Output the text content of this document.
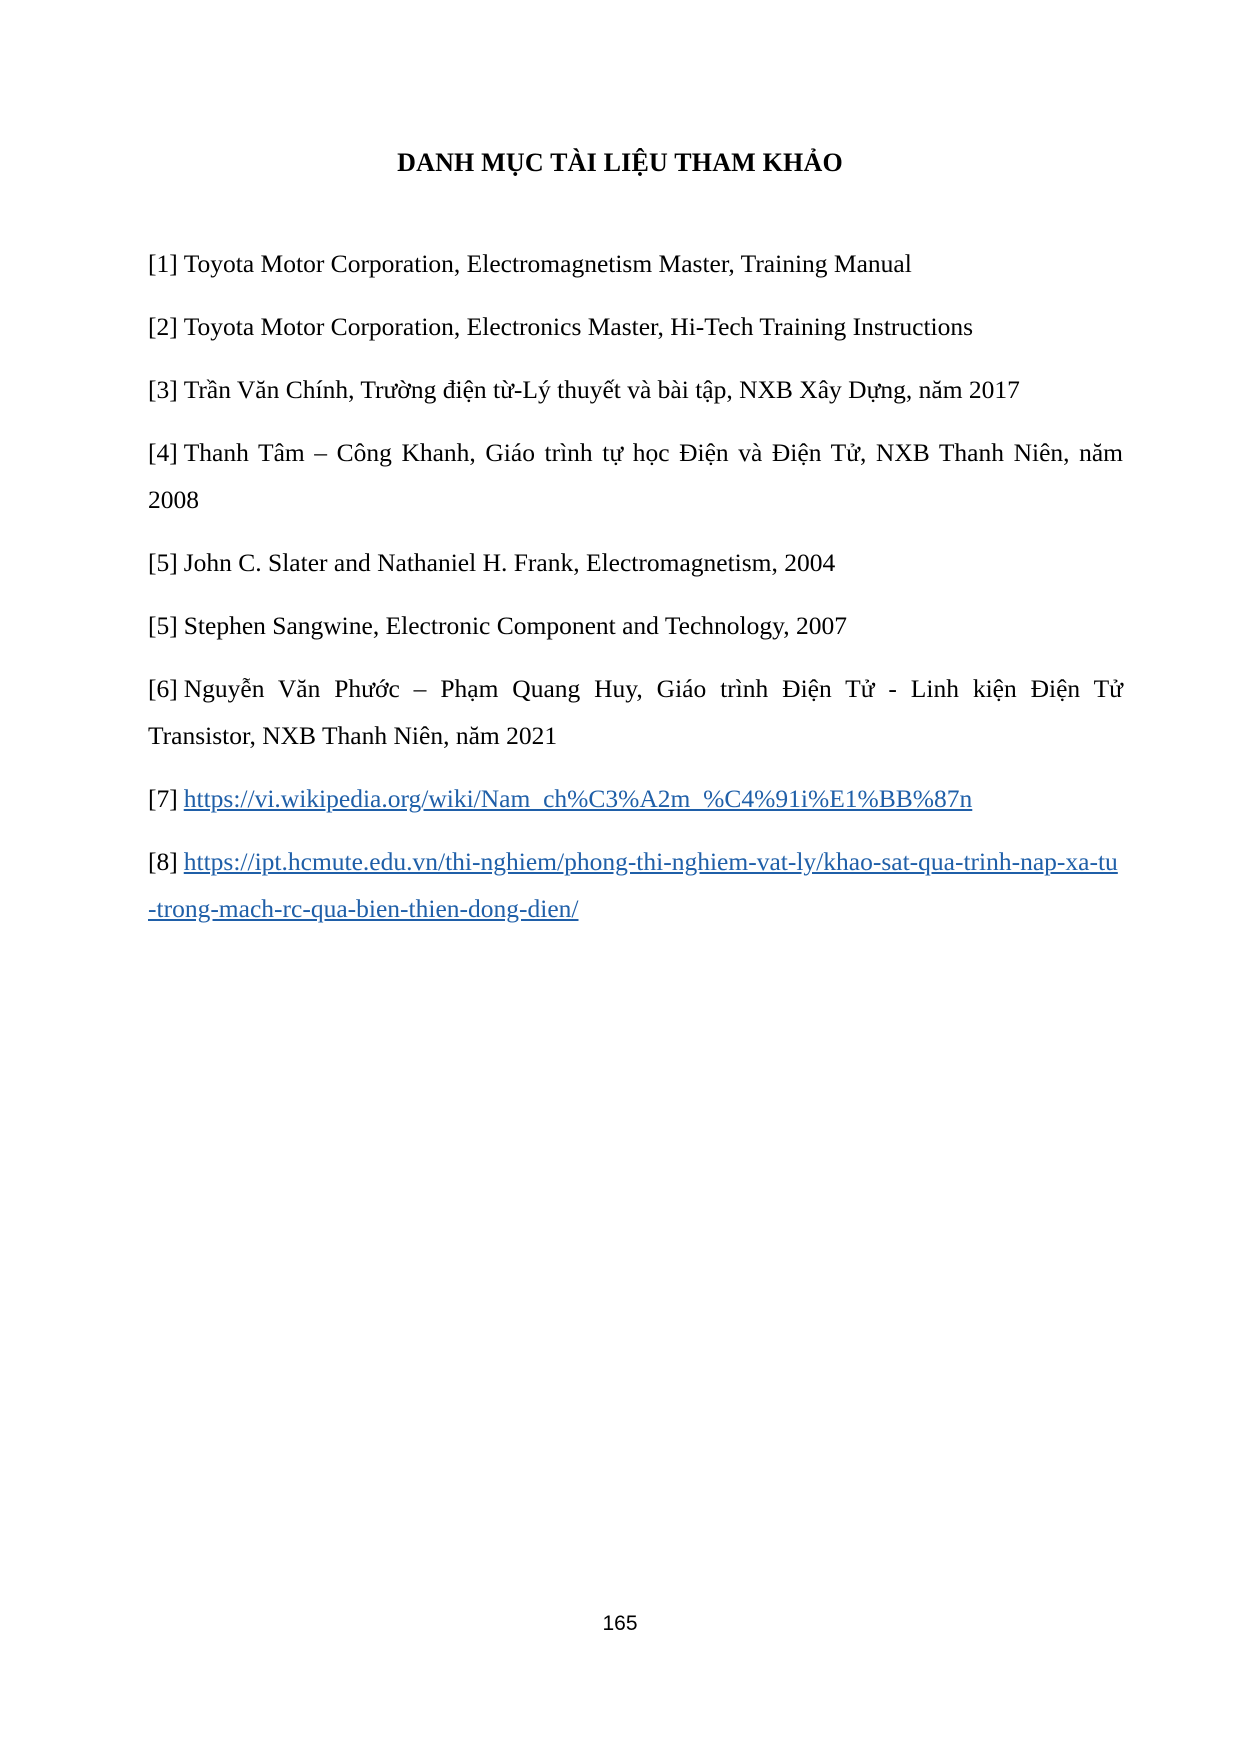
DANH MỤC TÀI LIỆU THAM KHẢO

[1] Toyota Motor Corporation, Electromagnetism Master, Training Manual

[2] Toyota Motor Corporation, Electronics Master, Hi-Tech Training Instructions

[3] Trần Văn Chính, Trường điện từ-Lý thuyết và bài tập, NXB Xây Dựng, năm 2017

[4] Thanh Tâm – Công Khanh, Giáo trình tự học Điện và Điện Tử, NXB Thanh Niên, năm 2008

[5] John C. Slater and Nathaniel H. Frank, Electromagnetism, 2004

[5] Stephen Sangwine, Electronic Component and Technology, 2007

[6] Nguyễn Văn Phước – Phạm Quang Huy, Giáo trình Điện Tử - Linh kiện Điện Tử Transistor, NXB Thanh Niên, năm 2021

[7] https://vi.wikipedia.org/wiki/Nam_ch%C3%A2m_%C4%91i%E1%BB%87n

[8] https://ipt.hcmute.edu.vn/thi-nghiem/phong-thi-nghiem-vat-ly/khao-sat-qua-trinh-nap-xa-tu-trong-mach-rc-qua-bien-thien-dong-dien/

165
